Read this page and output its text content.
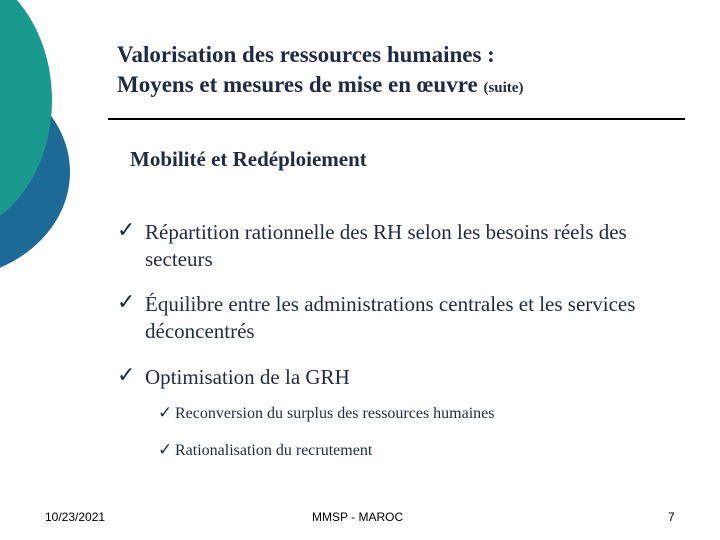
Valorisation des ressources humaines :
Moyens et mesures de mise en œuvre (suite)
Mobilité et Redéploiement
✓ Répartition rationnelle des RH selon les besoins réels des secteurs
✓ Équilibre entre les administrations centrales et les services déconcentrés
✓ Optimisation de la GRH
✓ Reconversion du surplus des ressources humaines
✓ Rationalisation du recrutement
10/23/2021	MMSP - MAROC	7
